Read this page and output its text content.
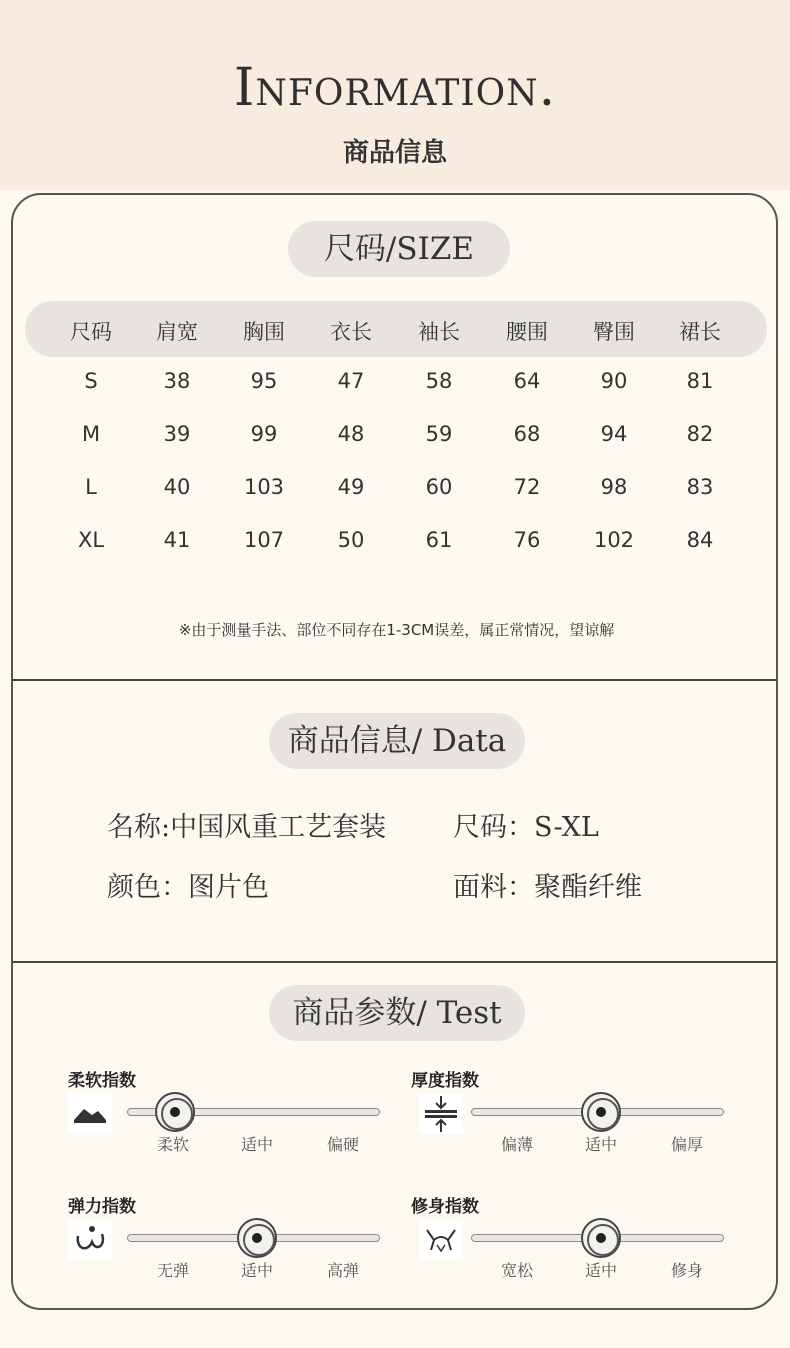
Information.
商品信息
尺码/SIZE
尺码	肩宽	胸围	衣长	袖长	腰围	臀围	裙长
S	38	95	47	58	64	90	81
M	39	99	48	59	68	94	82
L	40	103	49	60	72	98	83
XL	41	107	50	61	76	102	84
※由于测量手法、部位不同存在1-3CM误差，属正常情况，望谅解
商品信息/ Data
名称:中国风重工艺套装 尺码：S-XL
颜色：图片色	面料：聚酯纤维
商品参数/ Test
柔软指数
柔软	适中	偏硬
厚度指数
偏薄	适中	偏厚
弹力指数
无弹	适中	高弹
修身指数
宽松	适中	修身
